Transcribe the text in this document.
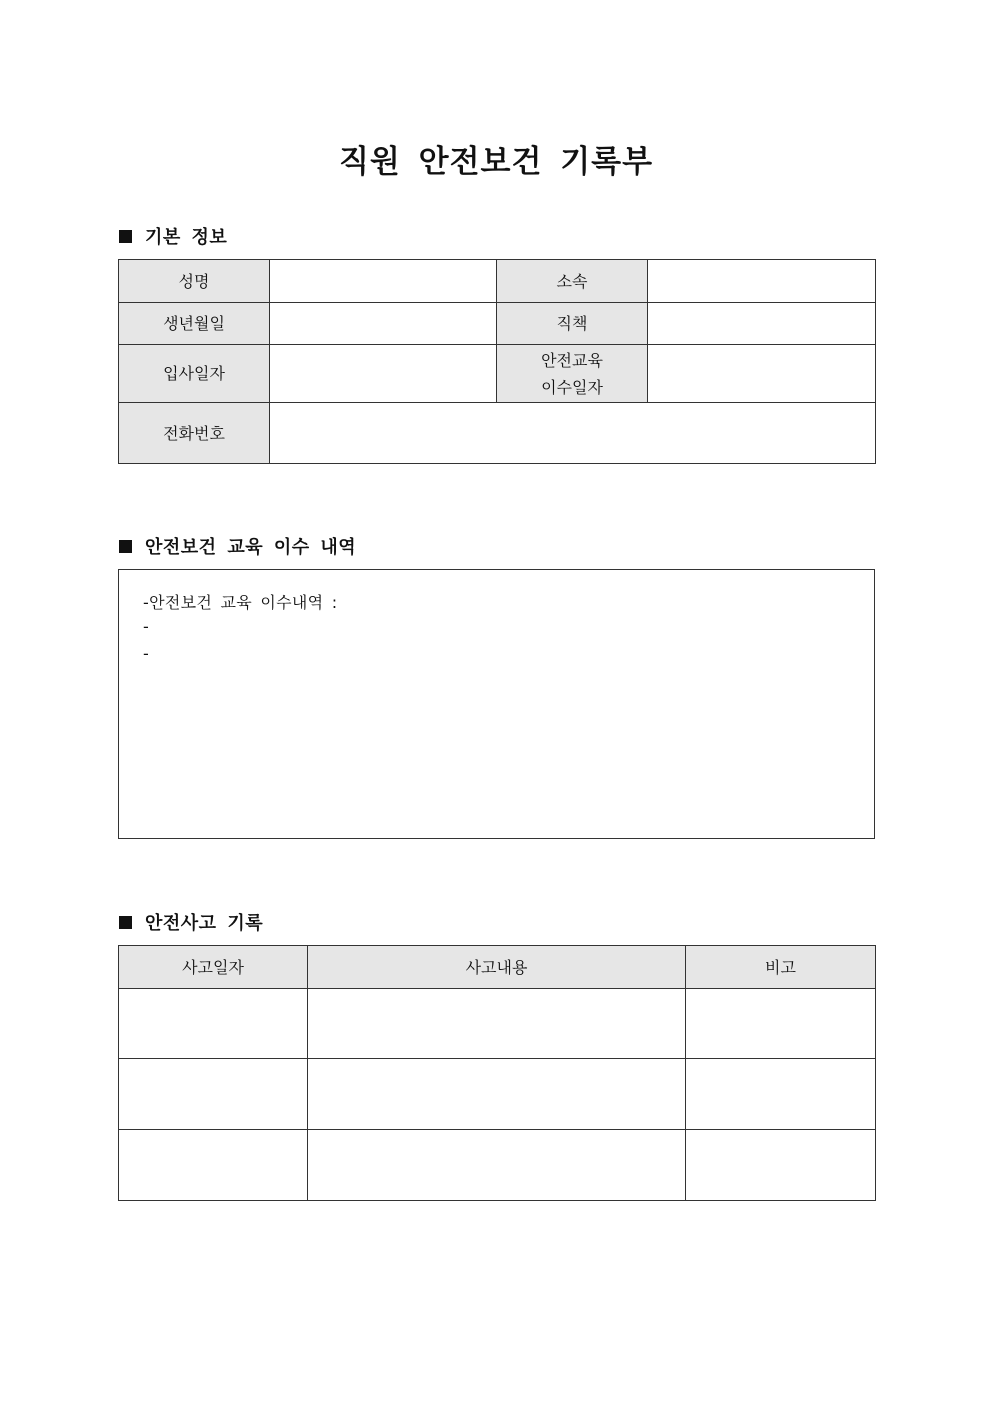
직원 안전보건 기록부
기본 정보
성명		소속	
생년월일		직책	
입사일자		안전교육
이수일자	

전화번호			
안전보건 교육 이수 내역
-안전보건 교육 이수내역 :
-
-
안전사고 기록
사고일자	사고내용	비고
